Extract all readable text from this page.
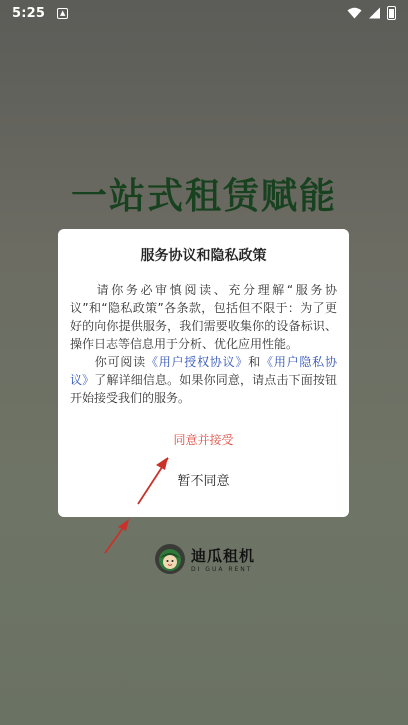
5:25	▲
一站式租赁赋能
服务协议和隐私政策

请你务必审慎阅读、充分理解“服务协议”和“隐私政策”各条款，包括但不限于：为了更好的向你提供服务，我们需要收集你的设备标识、操作日志等信息用于分析、优化应用性能。

你可阅读《用户授权协议》和《用户隐私协议》了解详细信息。如果你同意，请点击下面按钮开始接受我们的服务。

同意并接受
暂不同意
迪瓜租机
DI GUA RENT
